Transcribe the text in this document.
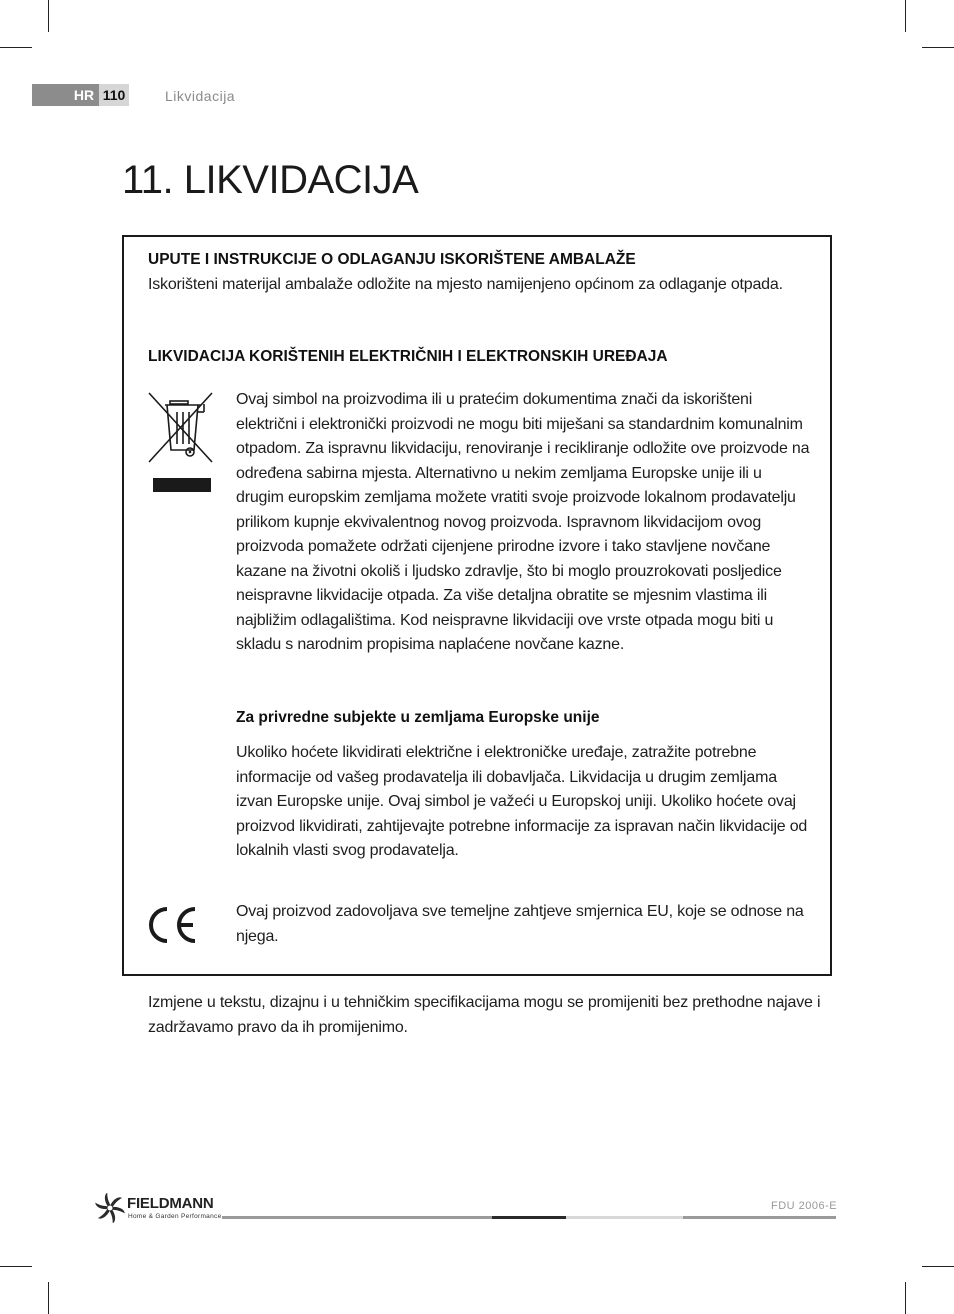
HR 110	Likvidacija
11. LIKVIDACIJA
UPUTE I INSTRUKCIJE O ODLAGANJU ISKORIŠTENE AMBALAŽE

Iskorišteni materijal ambalaže odložite na mjesto namijenjeno općinom za odlaganje otpada.

LIKVIDACIJA KORIŠTENIH ELEKTRIČNIH I ELEKTRONSKIH UREĐAJA

Ovaj simbol na proizvodima ili u pratećim dokumentima znači da iskorišteni električni i elektronički proizvodi ne mogu biti miješani sa standardnim komunalnim otpadom. Za ispravnu likvidaciju, renoviranje i recikliranje odložite ove proizvode na određena sabirna mjesta. Alternativno u nekim zemljama Europske unije ili u drugim europskim zemljama možete vratiti svoje proizvode lokalnom prodavatelju prilikom kupnje ekvivalentnog novog proizvoda. Ispravnom likvidacijom ovog proizvoda pomažete održati cijenjene prirodne izvore i tako stavljene novčane kazane na životni okoliš i ljudsko zdravlje, što bi moglo prouzrokovati posljedice neispravne likvidacije otpada. Za više detaljna obratite se mjesnim vlastima ili najbližim odlagalištima. Kod neispravne likvidaciji ove vrste otpada mogu biti u skladu s narodnim propisima naplaćene novčane kazne.

Za privredne subjekte u zemljama Europske unije

Ukoliko hoćete likvidirati električne i elektroničke uređaje, zatražite potrebne informacije od vašeg prodavatelja ili dobavljača. Likvidacija u drugim zemljama izvan Europske unije. Ovaj simbol je važeći u Europskoj uniji. Ukoliko hoćete ovaj proizvod likvidirati, zahtijevajte potrebne informacije za ispravan način likvidacije od lokalnih vlasti svog prodavatelja.

Ovaj proizvod zadovoljava sve temeljne zahtjeve smjernica EU, koje se odnose na njega.

Izmjene u tekstu, dizajnu i u tehničkim specifikacijama mogu se promijeniti bez prethodne najave i zadržavamo pravo da ih promijenimo.

FIELDMANN
Home & Garden Performance
FDU 2006-E
